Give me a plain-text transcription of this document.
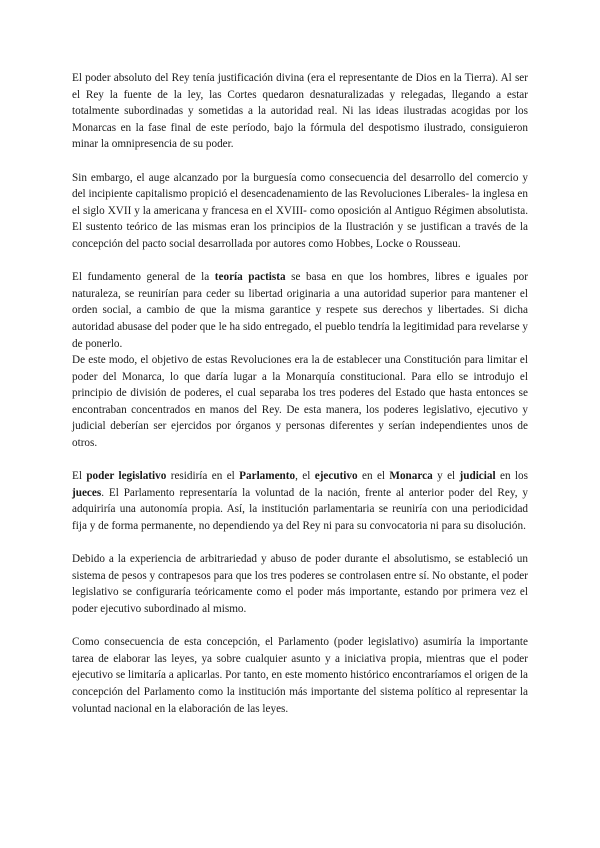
El poder absoluto del Rey tenía justificación divina (era el representante de Dios en la Tierra). Al ser el Rey la fuente de la ley, las Cortes quedaron desnaturalizadas y relegadas, llegando a estar totalmente subordinadas y sometidas a la autoridad real. Ni las ideas ilustradas acogidas por los Monarcas en la fase final de este período, bajo la fórmula del despotismo ilustrado, consiguieron minar la omnipresencia de su poder.

Sin embargo, el auge alcanzado por la burguesía como consecuencia del desarrollo del comercio y del incipiente capitalismo propició el desencadenamiento de las Revoluciones Liberales- la inglesa en el siglo XVII y la americana y francesa en el XVIII- como oposición al Antiguo Régimen absolutista. El sustento teórico de las mismas eran los principios de la Ilustración y se justifican a través de la concepción del pacto social desarrollada por autores como Hobbes, Locke o Rousseau.

El fundamento general de la teoría pactista se basa en que los hombres, libres e iguales por naturaleza, se reunirían para ceder su libertad originaria a una autoridad superior para mantener el orden social, a cambio de que la misma garantice y respete sus derechos y libertades. Si dicha autoridad abusase del poder que le ha sido entregado, el pueblo tendría la legitimidad para revelarse y de ponerlo.

De este modo, el objetivo de estas Revoluciones era la de establecer una Constitución para limitar el poder del Monarca, lo que daría lugar a la Monarquía constitucional. Para ello se introdujo el principio de división de poderes, el cual separaba los tres poderes del Estado que hasta entonces se encontraban concentrados en manos del Rey. De esta manera, los poderes legislativo, ejecutivo y judicial deberían ser ejercidos por órganos y personas diferentes y serían independientes unos de otros.

El poder legislativo residiría en el Parlamento, el ejecutivo en el Monarca y el judicial en los jueces. El Parlamento representaría la voluntad de la nación, frente al anterior poder del Rey, y adquiriría una autonomía propia. Así, la institución parlamentaria se reuniría con una periodicidad fija y de forma permanente, no dependiendo ya del Rey ni para su convocatoria ni para su disolución.

Debido a la experiencia de arbitrariedad y abuso de poder durante el absolutismo, se estableció un sistema de pesos y contrapesos para que los tres poderes se controlasen entre sí. No obstante, el poder legislativo se configuraría teóricamente como el poder más importante, estando por primera vez el poder ejecutivo subordinado al mismo.

Como consecuencia de esta concepción, el Parlamento (poder legislativo) asumiría la importante tarea de elaborar las leyes, ya sobre cualquier asunto y a iniciativa propia, mientras que el poder ejecutivo se limitaría a aplicarlas. Por tanto, en este momento histórico encontraríamos el origen de la concepción del Parlamento como la institución más importante del sistema político al representar la voluntad nacional en la elaboración de las leyes.
